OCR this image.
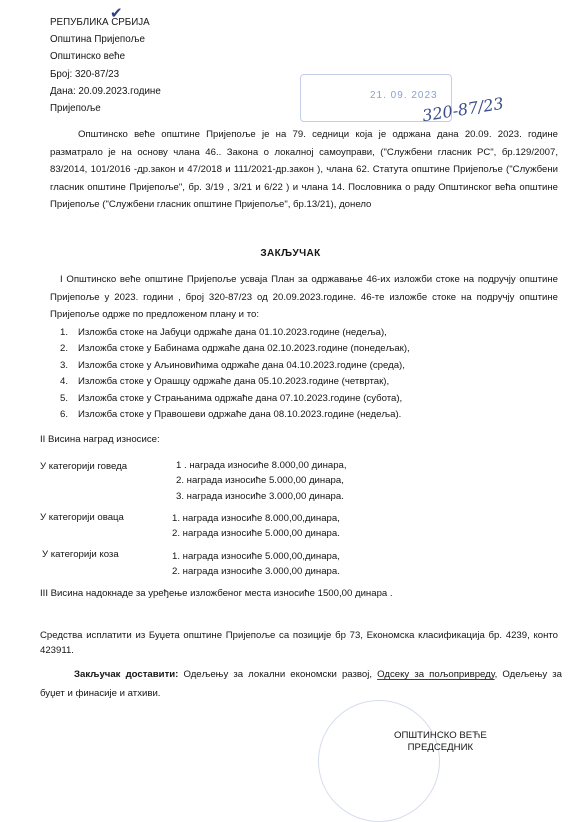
21. 09. 2023
320-87/23
✔
РЕПУБЛИКА СРБИЈА
Општина Пријепоље
Општинско веће
Број: 320-87/23
Дана: 20.09.2023.године
Пријепоље
Општинско веће општине Пријепоље је на 79. седници која је одржана дана 20.09. 2023. године разматрало је на основу члана 46.. Закона о локалној самоуправи, ("Службени гласник РС", бр.129/2007, 83/2014, 101/2016 -др.закон и 47/2018 и 111/2021-др.закон ), члана 62. Статута општине Пријепоље ("Службени гласник општинe Пријепоље", бр. 3/19 , 3/21 и 6/22 ) и члана 14. Пословника о раду Општинског већа општине Пријепоље ("Службени гласник општине Пријепоље", бр.13/21), донело
ЗАКЉУЧАК
I Општинско веће општине Пријепоље усваја План за одржавање 46-их изложби стоке на подручју општине Пријепоље у 2023. години , број 320-87/23 од 20.09.2023.године. 46-те изложбе стоке на подручју општине Пријепоље одрже по предложеном плану и то:
1. Изложба стоке на Јабуци одржаће дана 01.10.2023.године (недеља),
2. Изложба стоке у Бабинама одржаће дана 02.10.2023.године (понедељак),
3. Изложба стоке у Аљиновићима одржаће дана 04.10.2023.године (среда),
4. Изложба стоке у Орашцу одржаће дана 05.10.2023.године (четвртак),
5. Изложба стоке у Страњанима одржаће дана 07.10.2023.године (субота),
6. Изложба стоке у Правошеви одржаће дана 08.10.2023.године (недеља).
II Висина наград износисе:
У категорији говеда	1 . награда износиће 8.000,00 динара,
2. награда износиће 5.000,00 динара,
3. награда износиће 3.000,00 динара.
У категорији оваца	1. награда износиће 8.000,00,динара,
2. награда износиће 5.000,00 динара.
У категорији коза	1. награда износиће 5.000,00,динара,
2. награда износиће 3.000,00 динара.
III Висина надокнаде за уређење изложбеног места износиће 1500,00 динара .
Средства исплатити из Буџета општине Пријепоље са позиције бр 73, Економска класификација бр. 4239, конто 423911.
Закључак доставити: Одељењу за локални економски развој, Одсеку за пољопривреду, Одељењу за буџет и финасије и атхиви.
ОПШТИНСКО ВЕЋЕ
ПРЕДСЕДНИК
